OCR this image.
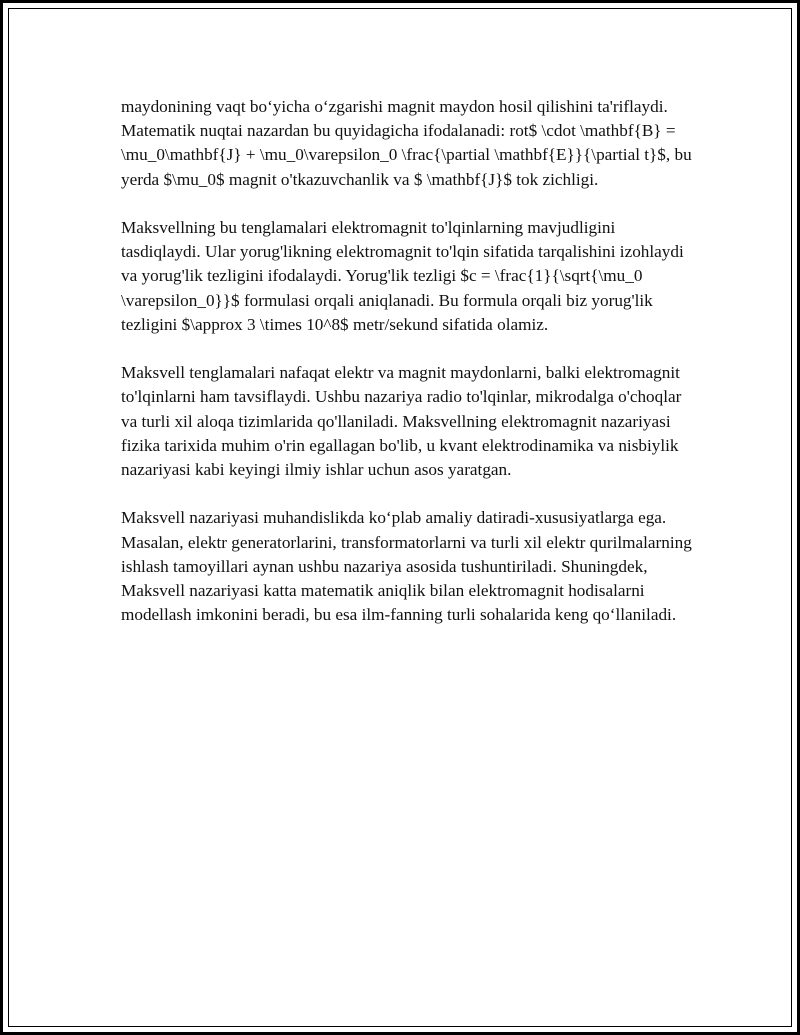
maydonining vaqt bo‘yicha o‘zgarishi magnit maydon hosil qilishini ta'riflaydi. Matematik nuqtai nazardan bu quyidagicha ifodalanadi: rot$ \cdot \mathbf{B} = \mu_0\mathbf{J} + \mu_0\varepsilon_0 \frac{\partial \mathbf{E}}{\partial t}$, bu yerda $\mu_0$ magnit o'tkazuvchanlik va $ \mathbf{J}$ tok zichligi.

Maksvellning bu tenglamalari elektromagnit to'lqinlarning mavjudligini tasdiqlaydi. Ular yorug'likning elektromagnit to'lqin sifatida tarqalishini izohlaydi va yorug'lik tezligini ifodalaydi. Yorug'lik tezligi $c = \frac{1}{\sqrt{\mu_0 \varepsilon_0}}$ formulasi orqali aniqlanadi. Bu formula orqali biz yorug'lik tezligini $\approx 3 \times 10^8$ metr/sekund sifatida olamiz.

Maksvell tenglamalari nafaqat elektr va magnit maydonlarni, balki elektromagnit to'lqinlarni ham tavsiflaydi. Ushbu nazariya radio to'lqinlar, mikrodalga o'choqlar va turli xil aloqa tizimlarida qo'llaniladi. Maksvellning elektromagnit nazariyasi fizika tarixida muhim o'rin egallagan bo'lib, u kvant elektrodinamika va nisbiylik nazariyasi kabi keyingi ilmiy ishlar uchun asos yaratgan.

Maksvell nazariyasi muhandislikda ko‘plab amaliy datiradi-xususiyatlarga ega. Masalan, elektr generatorlarini, transformatorlarni va turli xil elektr qurilmalarning ishlash tamoyillari aynan ushbu nazariya asosida tushuntiriladi. Shuningdek, Maksvell nazariyasi katta matematik aniqlik bilan elektromagnit hodisalarni modellash imkonini beradi, bu esa ilm-fanning turli sohalarida keng qo‘llaniladi.
